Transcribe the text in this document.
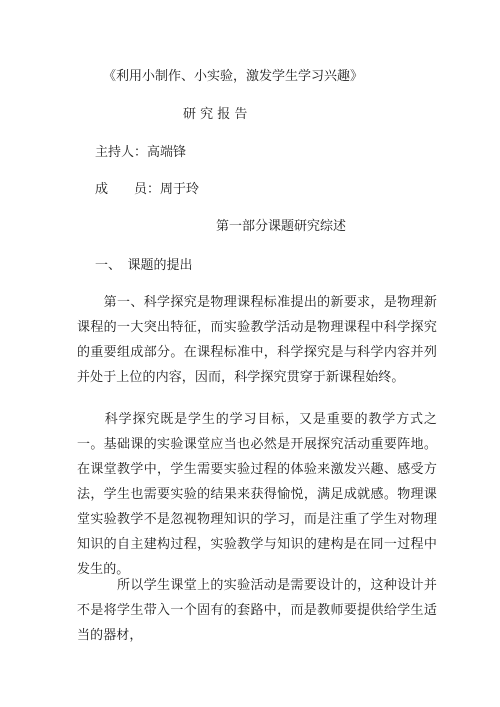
《利用小制作、小实验，激发学生学习兴趣》
研 究 报 告
主持人：高端锋
成　　员：周于玲
第一部分课题研究综述
一、　课题的提出
　　第一、科学探究是物理课程标准提出的新要求，是物理新课程的一大突出特征，而实验教学活动是物理课程中科学探究的重要组成部分。在课程标准中，科学探究是与科学内容并列并处于上位的内容，因而，科学探究贯穿于新课程始终。
　　科学探究既是学生的学习目标，又是重要的教学方式之一。基础课的实验课堂应当也必然是开展探究活动重要阵地。在课堂教学中，学生需要实验过程的体验来激发兴趣、感受方法，学生也需要实验的结果来获得愉悦，满足成就感。物理课堂实验教学不是忽视物理知识的学习，而是注重了学生对物理知识的自主建构过程，实验教学与知识的建构是在同一过程中发生的。
　　　所以学生课堂上的实验活动是需要设计的，这种设计并不是将学生带入一个固有的套路中，而是教师要提供给学生适当的器材，
